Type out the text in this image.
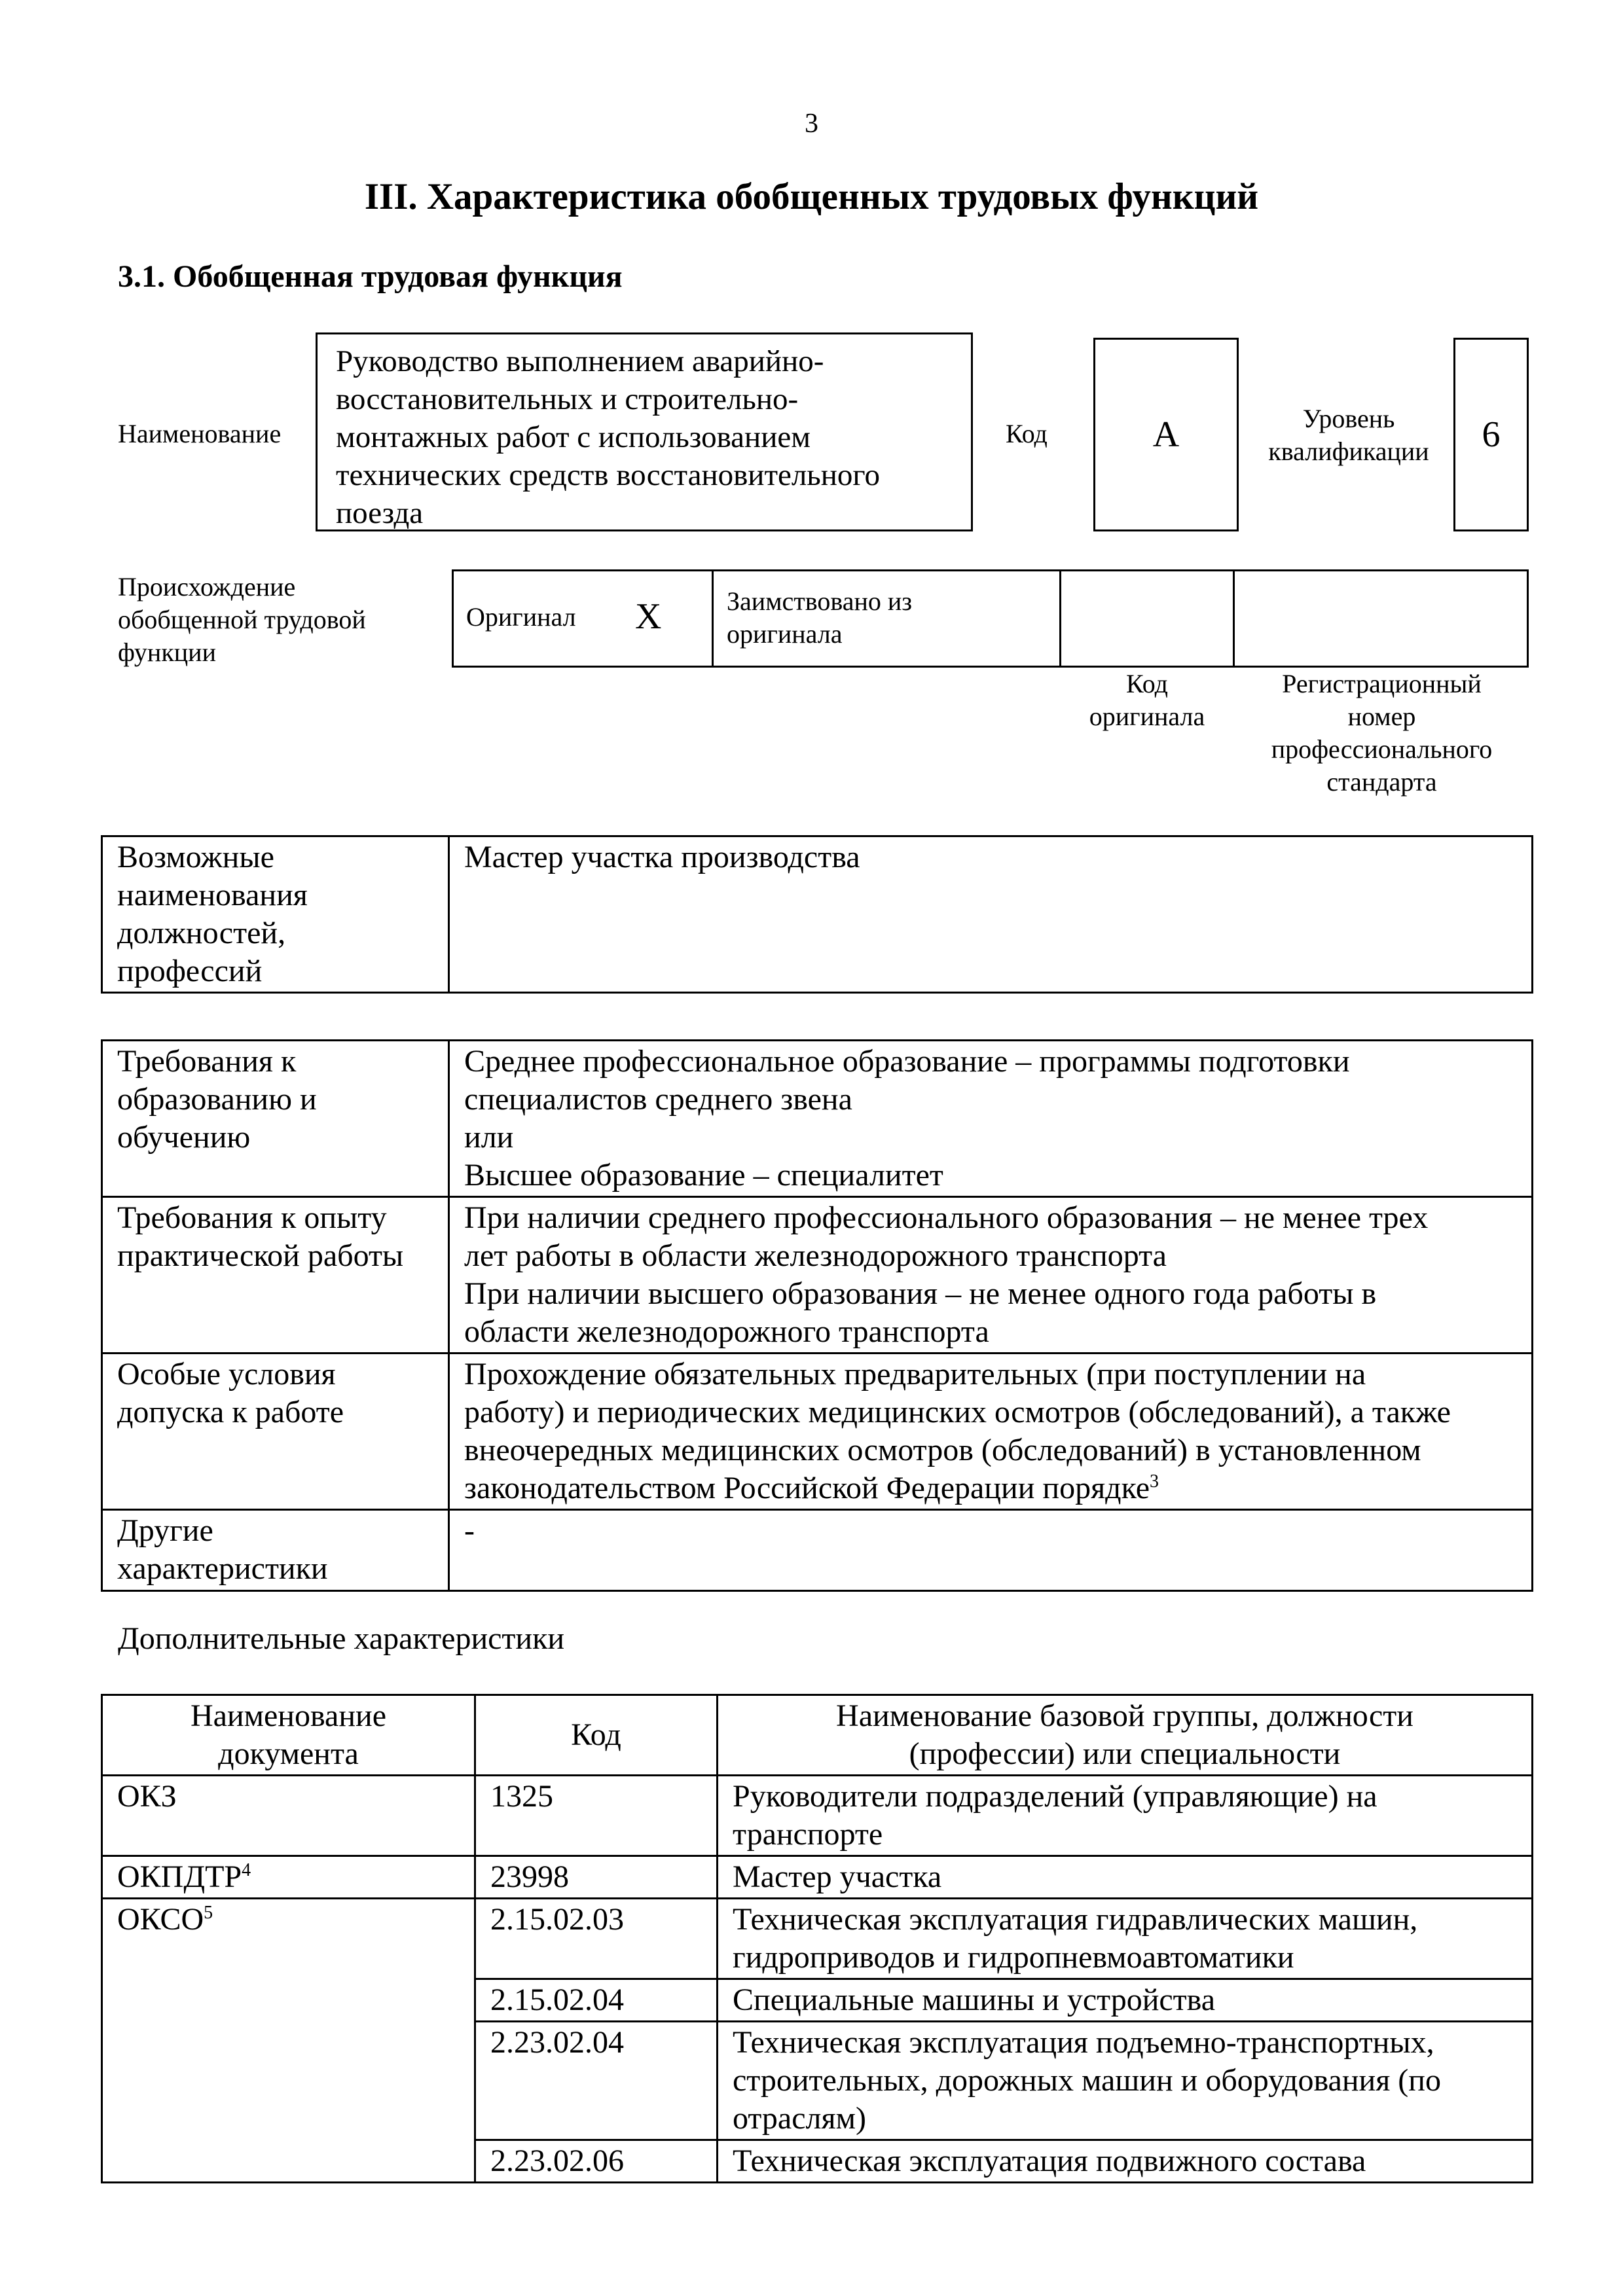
3
III. Характеристика обобщенных трудовых функций
3.1. Обобщенная трудовая функция
Наименование
Руководство выполнением аварийно-
восстановительных и строительно-
монтажных работ с использованием
технических средств восстановительного
поезда
Код	A	Уровень
квалификации	6
Происхождение
обобщенной трудовой
функции
Оригинал X Заимствовано из
оригинала
Код
оригинала
Регистрационный
номер
профессионального
стандарта
Возможные
наименования
должностей,
профессий
	Мастер участка производства
Требования к
образованию и
обучению	Среднее профессиональное образование – программы подготовки
специалистов среднего звена
или
Высшее образование – специалитет

Требования к опыту
практической работы	При наличии среднего профессионального образования – не менее трех
лет работы в области железнодорожного транспорта
При наличии высшего образования – не менее одного года работы в
области железнодорожного транспорта

Особые условия
допуска к работе	Прохождение обязательных предварительных (при поступлении на
работу) и периодических медицинских осмотров (обследований), а также
внеочередных медицинских осмотров (обследований) в установленном
законодательством Российской Федерации порядке$^3$

Другие
характеристики	-
Дополнительные характеристики
Наименование
документа	Код	Наименование базовой группы, должности
(профессии) или специальности

ОКЗ	1325	Руководители подразделений (управляющие) на
транспорте

ОКПДТР$^4$	23998	Мастер участка

ОКСО$^5$	2.15.02.03	Техническая эксплуатация гидравлических машин,
гидроприводов и гидропневмоавтоматики

	2.15.02.04	Специальные машины и устройства

	2.23.02.04	Техническая эксплуатация подъемно-транспортных,
строительных, дорожных машин и оборудования (по
отраслям)

	2.23.02.06	Техническая эксплуатация подвижного состава
